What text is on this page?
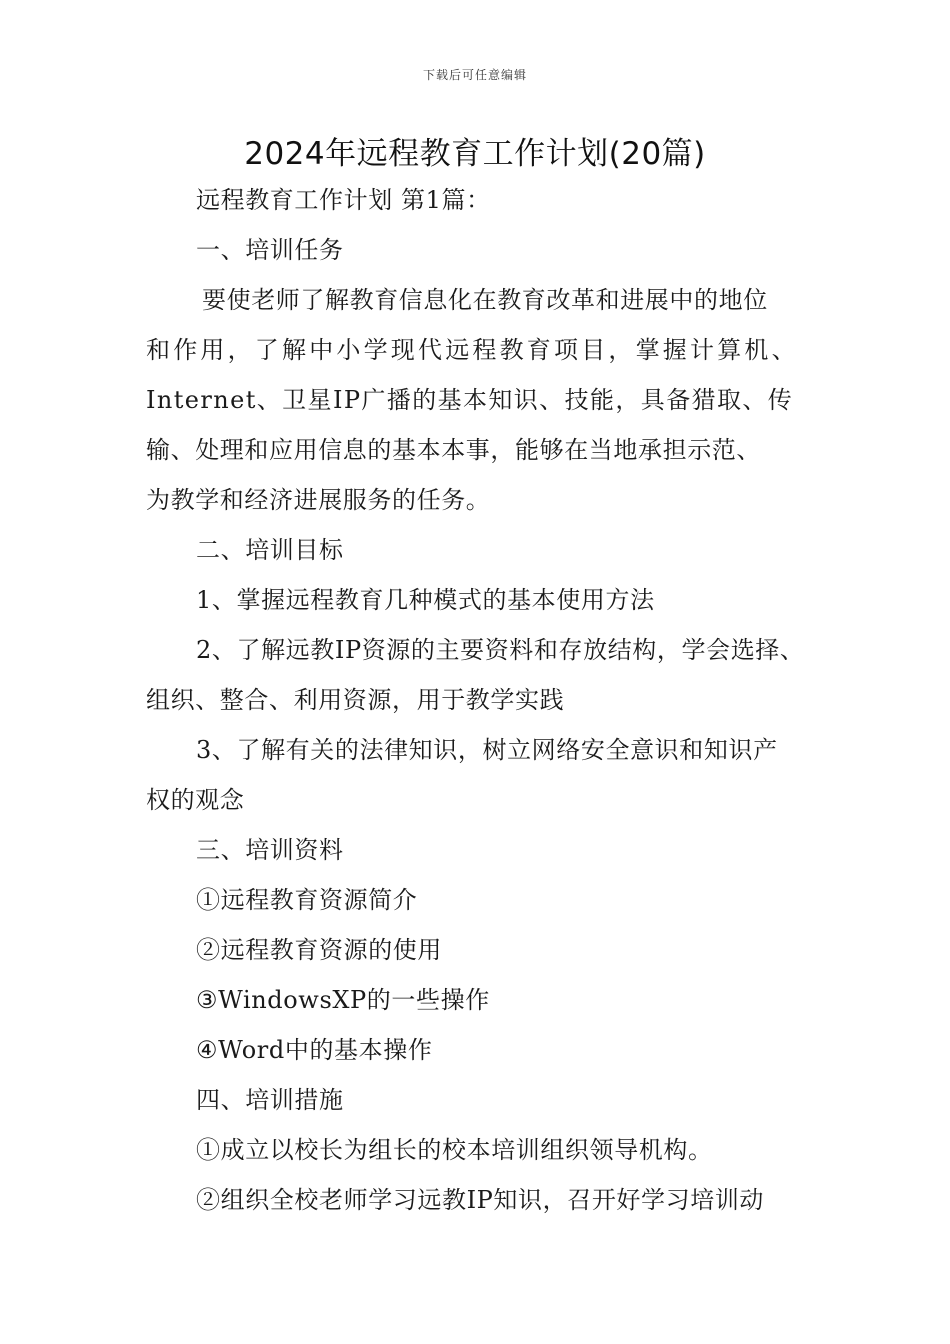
下载后可任意编辑
2024年远程教育工作计划(20篇)
远程教育工作计划 第1篇：
一、培训任务
要使老师了解教育信息化在教育改革和进展中的地位
和作用，了解中小学现代远程教育项目，掌握计算机、
Internet、卫星IP广播的基本知识、技能，具备猎取、传
输、处理和应用信息的基本本事，能够在当地承担示范、
为教学和经济进展服务的任务。
二、培训目标
1、掌握远程教育几种模式的基本使用方法
2、了解远教IP资源的主要资料和存放结构，学会选择、
组织、整合、利用资源，用于教学实践
3、了解有关的法律知识，树立网络安全意识和知识产
权的观念
三、培训资料
①远程教育资源简介
②远程教育资源的使用
③WindowsXP的一些操作
④Word中的基本操作
四、培训措施
①成立以校长为组长的校本培训组织领导机构。
②组织全校老师学习远教IP知识，召开好学习培训动
